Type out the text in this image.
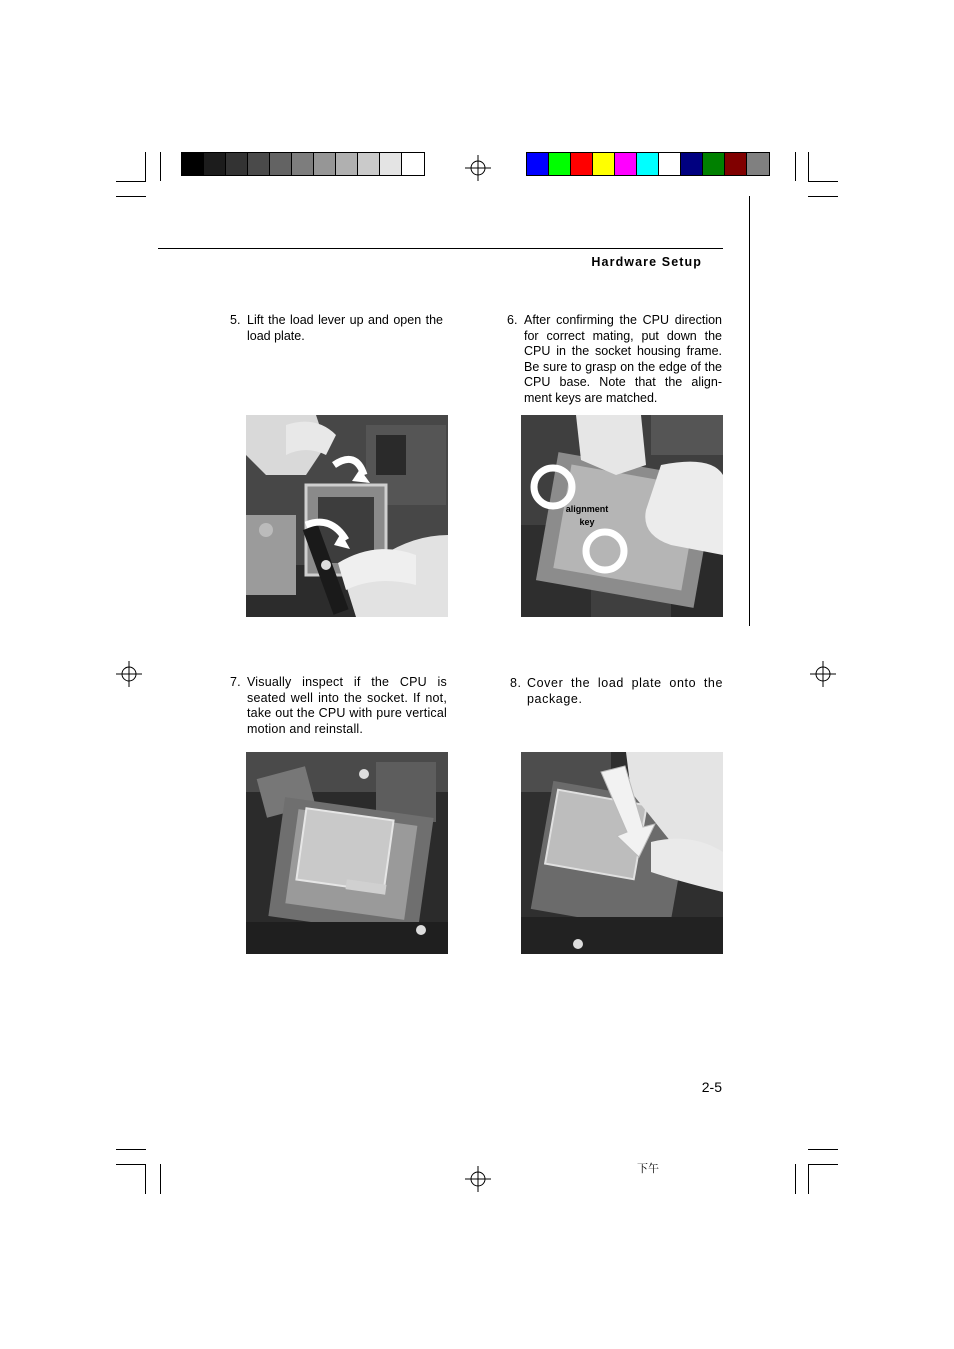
Hardware Setup
5. Lift the load lever up and open the load plate.
6. After confirming the CPU direction for correct mating, put down the CPU in the socket housing frame. Be sure to grasp on the edge of the CPU base. Note that the align- ment keys are matched.
alignment
key
7. Visually inspect if the CPU is seated well into the socket. If not, take out the CPU with pure vertical motion and reinstall.
8. Cover the load plate onto the package.
2-5
下午
